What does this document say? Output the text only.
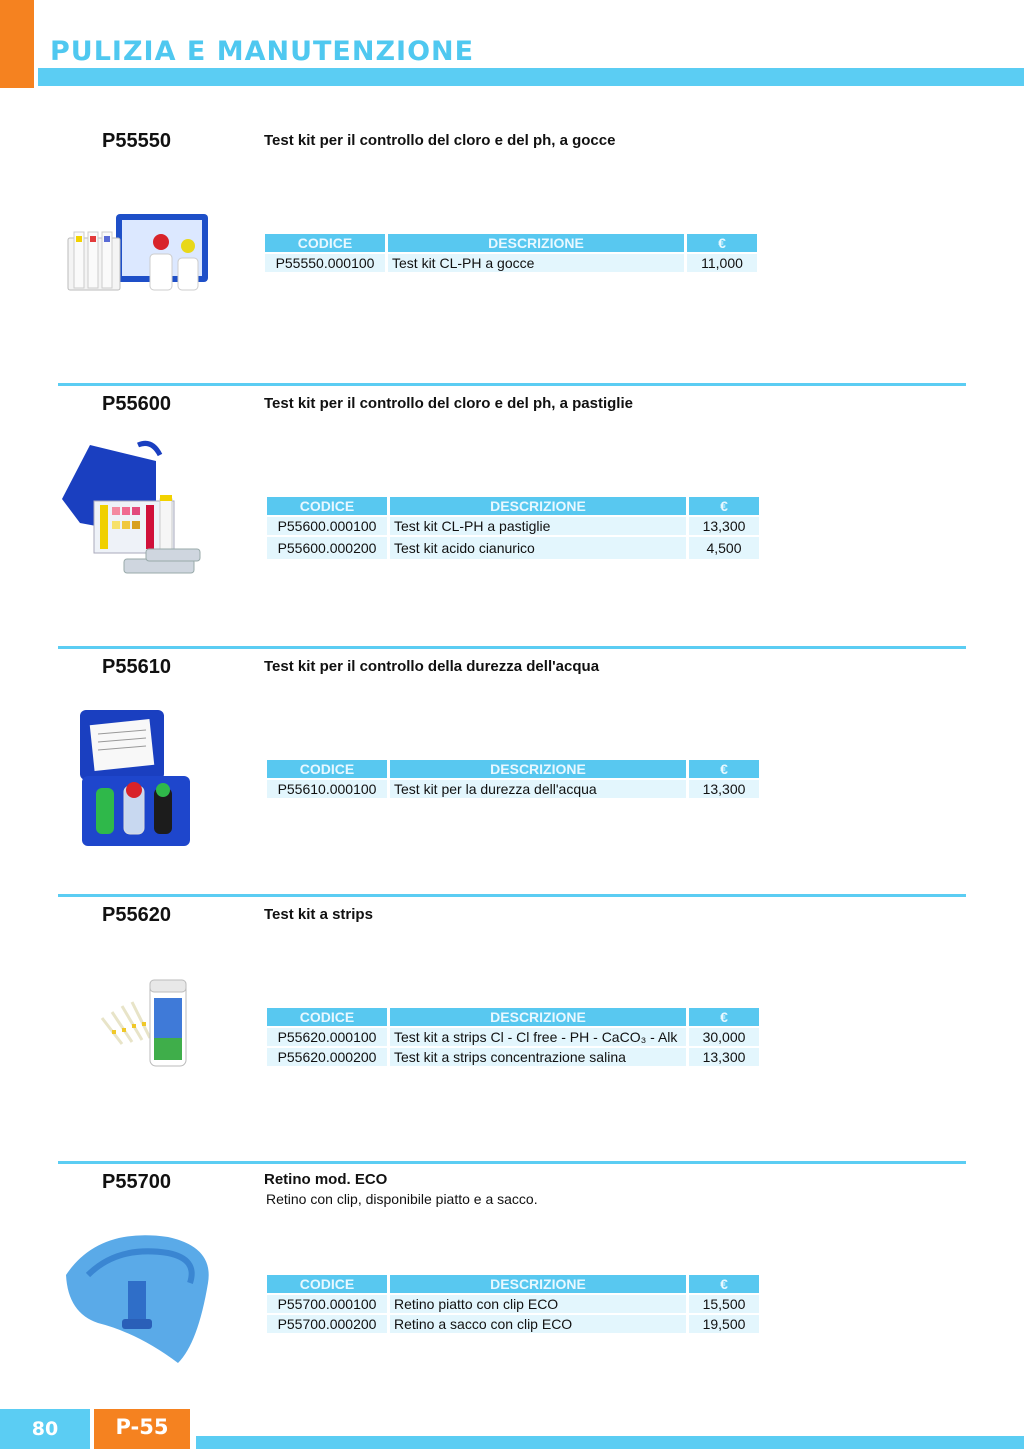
PULIZIA E MANUTENZIONE
P55550	Test kit per il controllo del cloro e del ph, a gocce
CODICE	DESCRIZIONE	€
P55550.000100	Test kit CL-PH a gocce	11,000
P55600	Test kit per il controllo del cloro e del ph, a pastiglie
CODICE	DESCRIZIONE	€
P55600.000100	Test kit CL-PH a pastiglie	13,300
P55600.000200	Test kit acido cianurico	4,500
P55610	Test kit per il controllo della durezza dell'acqua
CODICE	DESCRIZIONE	€
P55610.000100	Test kit per la durezza dell'acqua	13,300
P55620	Test kit a strips
CODICE	DESCRIZIONE	€
P55620.000100	Test kit a strips Cl - Cl free - PH - CaCO₃ - Alk	30,000
P55620.000200	Test kit a strips concentrazione salina	13,300
P55700	Retino mod. ECO
Retino con clip, disponibile piatto e a sacco.
CODICE	DESCRIZIONE	€
P55700.000100	Retino piatto con clip ECO	15,500
P55700.000200	Retino a sacco con clip ECO	19,500
80	P-55
